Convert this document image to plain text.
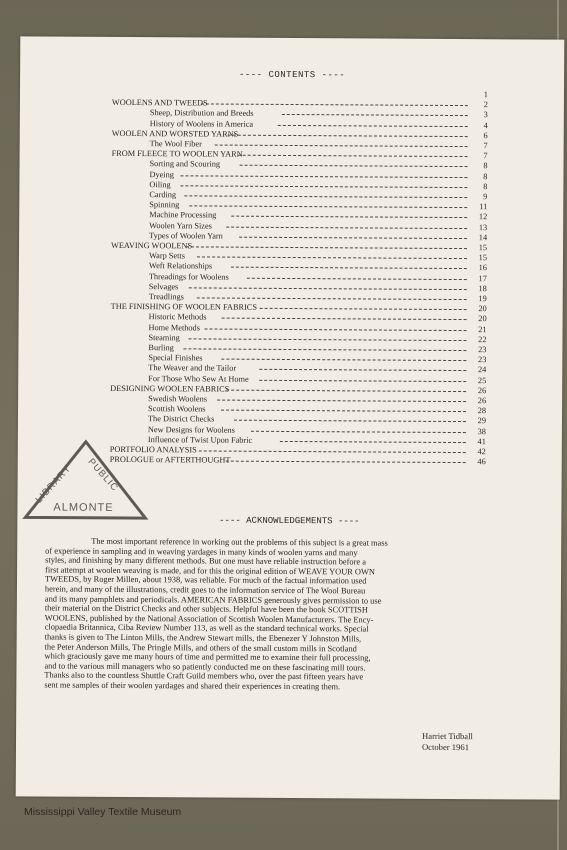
---- CONTENTS ----
1
WOOLENS AND TWEEDS	2
Sheep, Distribution and Breeds	3
History of Woolens in America	4
WOOLEN AND WORSTED YARNS	6
The Wool Fiber	7
FROM FLEECE TO WOOLEN YARN	7
Sorting and Scouring	8
Dyeing	8
Oiling	8
Carding	9
Spinning	11
Machine Processing	12
Woolen Yarn Sizes	13
Types of Woolen Yarn	14
WEAVING WOOLENS	15
Warp Setts	15
Weft Relationships	16
Threadings for Woolens	17
Selvages	18
Treadlings	19
THE FINISHING OF WOOLEN FABRICS	20
Historic Methods	20
Home Methods	21
Steaming	22
Burling	23
Special Finishes	23
The Weaver and the Tailor	24
For Those Who Sew At Home	25
DESIGNING WOOLEN FABRICS	26
Swedish Woolens	26
Scottish Woolens	28
The District Checks	29
New Designs for Woolens	38
Influence of Twist Upon Fabric	41
PORTFOLIO ANALYSIS	42
PROLOGUE or AFTERTHOUGHT	46
LIBRARY PUBLIC
ALMONTE
---- ACKNOWLEDGEMENTS ----
The most important reference in working out the problems of this subject is a great mass
of experience in sampling and in weaving yardages in many kinds of woolen yarns and many
styles, and finishing by many different methods. But one must have reliable instruction before a
first attempt at woolen weaving is made, and for this the original edition of WEAVE YOUR OWN
TWEEDS, by Roger Millen, about 1938, was reliable. For much of the factual information used
herein, and many of the illustrations, credit goes to the information service of The Wool Bureau
and its many pamphlets and periodicals. AMERICAN FABRICS generously gives permission to use
their material on the District Checks and other subjects. Helpful have been the book SCOTTISH
WOOLENS, published by the National Association of Scottish Woolen Manufacturers. The Ency-
clopaedia Britannica, Ciba Review Number 113, as well as the standard technical works. Special
thanks is given to The Linton Mills, the Andrew Stewart mills, the Ebenezer Y Johnston Mills,
the Peter Anderson Mills, The Pringle Mills, and others of the small custom mills in Scotland
which graciously gave me many hours of time and permitted me to examine their full processing,
and to the various mill managers who so patiently conducted me on these fascinating mill tours.
Thanks also to the countless Shuttle Craft Guild members who, over the past fifteen years have
sent me samples of their woolen yardages and shared their experiences in creating them.
Harriet Tidball
October 1961
Mississippi Valley Textile Museum
